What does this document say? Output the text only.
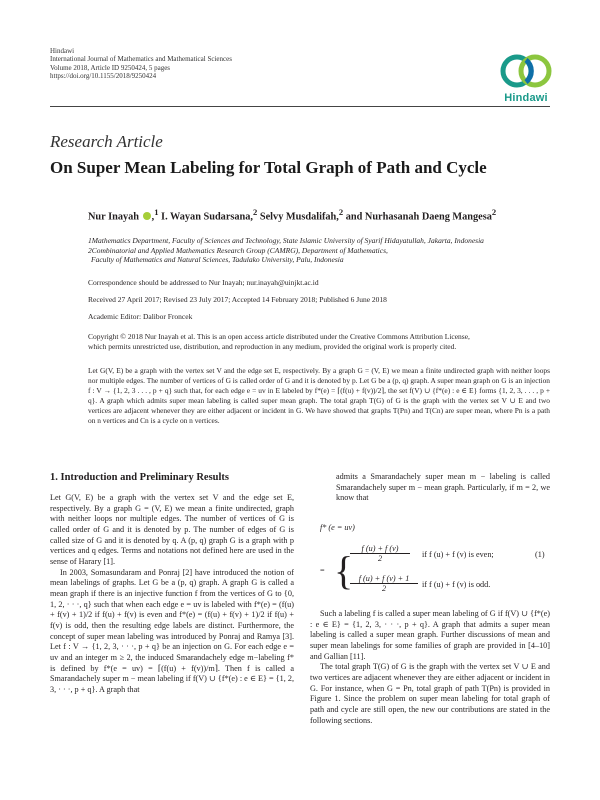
Hindawi
International Journal of Mathematics and Mathematical Sciences
Volume 2018, Article ID 9250424, 5 pages
https://doi.org/10.1155/2018/9250424
Hindawi
Research Article
On Super Mean Labeling for Total Graph of Path and Cycle
Nur Inayah ,$^1$ I. Wayan Sudarsana,$^2$ Selvy Musdalifah,$^2$ and Nurhasanah Daeng Mangesa$^2$
1Mathematics Department, Faculty of Sciences and Technology, State Islamic University of Syarif Hidayatullah, Jakarta, Indonesia
2Combinatorial and Applied Mathematics Research Group (CAMRG), Department of Mathematics,
Faculty of Mathematics and Natural Sciences, Tadulako University, Palu, Indonesia
Correspondence should be addressed to Nur Inayah; nur.inayah@uinjkt.ac.id
Received 27 April 2017; Revised 23 July 2017; Accepted 14 February 2018; Published 6 June 2018
Academic Editor: Dalibor Froncek
Copyright © 2018 Nur Inayah et al. This is an open access article distributed under the Creative Commons Attribution License,
which permits unrestricted use, distribution, and reproduction in any medium, provided the original work is properly cited.
Let G(V, E) be a graph with the vertex set V and the edge set E, respectively. By a graph G = (V, E) we mean a finite undirected graph with neither loops nor multiple edges. The number of vertices of G is called order of G and it is denoted by p. Let G be a (p, q) graph. A super mean graph on G is an injection f : V → {1, 2, 3 . . . , p + q} such that, for each edge e = uv in E labeled by f*(e) = ⌈(f(u) + f(v))/2⌉, the set f(V) ∪ {f*(e) : e ∈ E} forms {1, 2, 3, . . . , p + q}. A graph which admits super mean labeling is called super mean graph. The total graph T(G) of G is the graph with the vertex set V ∪ E and two vertices are adjacent whenever they are either adjacent or incident in G. We have showed that graphs T(Pn) and T(Cn) are super mean, where Pn is a path on n vertices and Cn is a cycle on n vertices.
1. Introduction and Preliminary Results

Let G(V, E) be a graph with the vertex set V and the edge set E, respectively. By a graph G = (V, E) we mean a finite undirected, graph with neither loops nor multiple edges. The number of vertices of G is called order of G and it is denoted by p. The number of edges of G is called size of G and it is denoted by q. A (p, q) graph G is a graph with p vertices and q edges. Terms and notations not defined here are used in the sense of Harary [1].

In 2003, Somasundaram and Ponraj [2] have introduced the notion of mean labelings of graphs. Let G be a (p, q) graph. A graph G is called a mean graph if there is an injective function f from the vertices of G to {0, 1, 2, · · ·, q} such that when each edge e = uv is labeled with f*(e) = (f(u) + f(v) + 1)/2 if f(u) + f(v) is even and f*(e) = (f(u) + f(v) + 1)/2 if f(u) + f(v) is odd, then the resulting edge labels are distinct. Furthermore, the concept of super mean labeling was introduced by Ponraj and Ramya [3]. Let f : V → {1, 2, 3, · · ·, p + q} be an injection on G. For each edge e = uv and an integer m ≥ 2, the induced Smarandachely edge m−labeling f* is defined by f*(e = uv) = ⌈(f(u) + f(v))/m⌉. Then f is called a Smarandachely super m − mean labeling if f(V) ∪ {f*(e) : e ∈ E} = {1, 2, 3, · · ·, p + q}. A graph that

admits a Smarandachely super mean m − labeling is called Smarandachely super m − mean graph. Particularly, if m = 2, we know that
f* (e = uv)
= {
$\frac{f (u) + f (v)}{2}$ if f (u) + f (v) is even;
$\frac{f (u) + f (v) + 1}{2}$ if f (u) + f (v) is odd.
(1)

Such a labeling f is called a super mean labeling of G if f(V) ∪ {f*(e) : e ∈ E} = {1, 2, 3, · · ·, p + q}. A graph that admits a super mean labeling is called a super mean graph. Further discussions of mean and super mean labelings for some families of graph are provided in [4–10] and Gallian [11].

The total graph T(G) of G is the graph with the vertex set V ∪ E and two vertices are adjacent whenever they are either adjacent or incident in G. For instance, when G = Pn, total graph of path T(Pn) is provided in Figure 1. Since the problem on super mean labeling for total graph of path and cycle are still open, the new our contributions are stated in the following sections.
